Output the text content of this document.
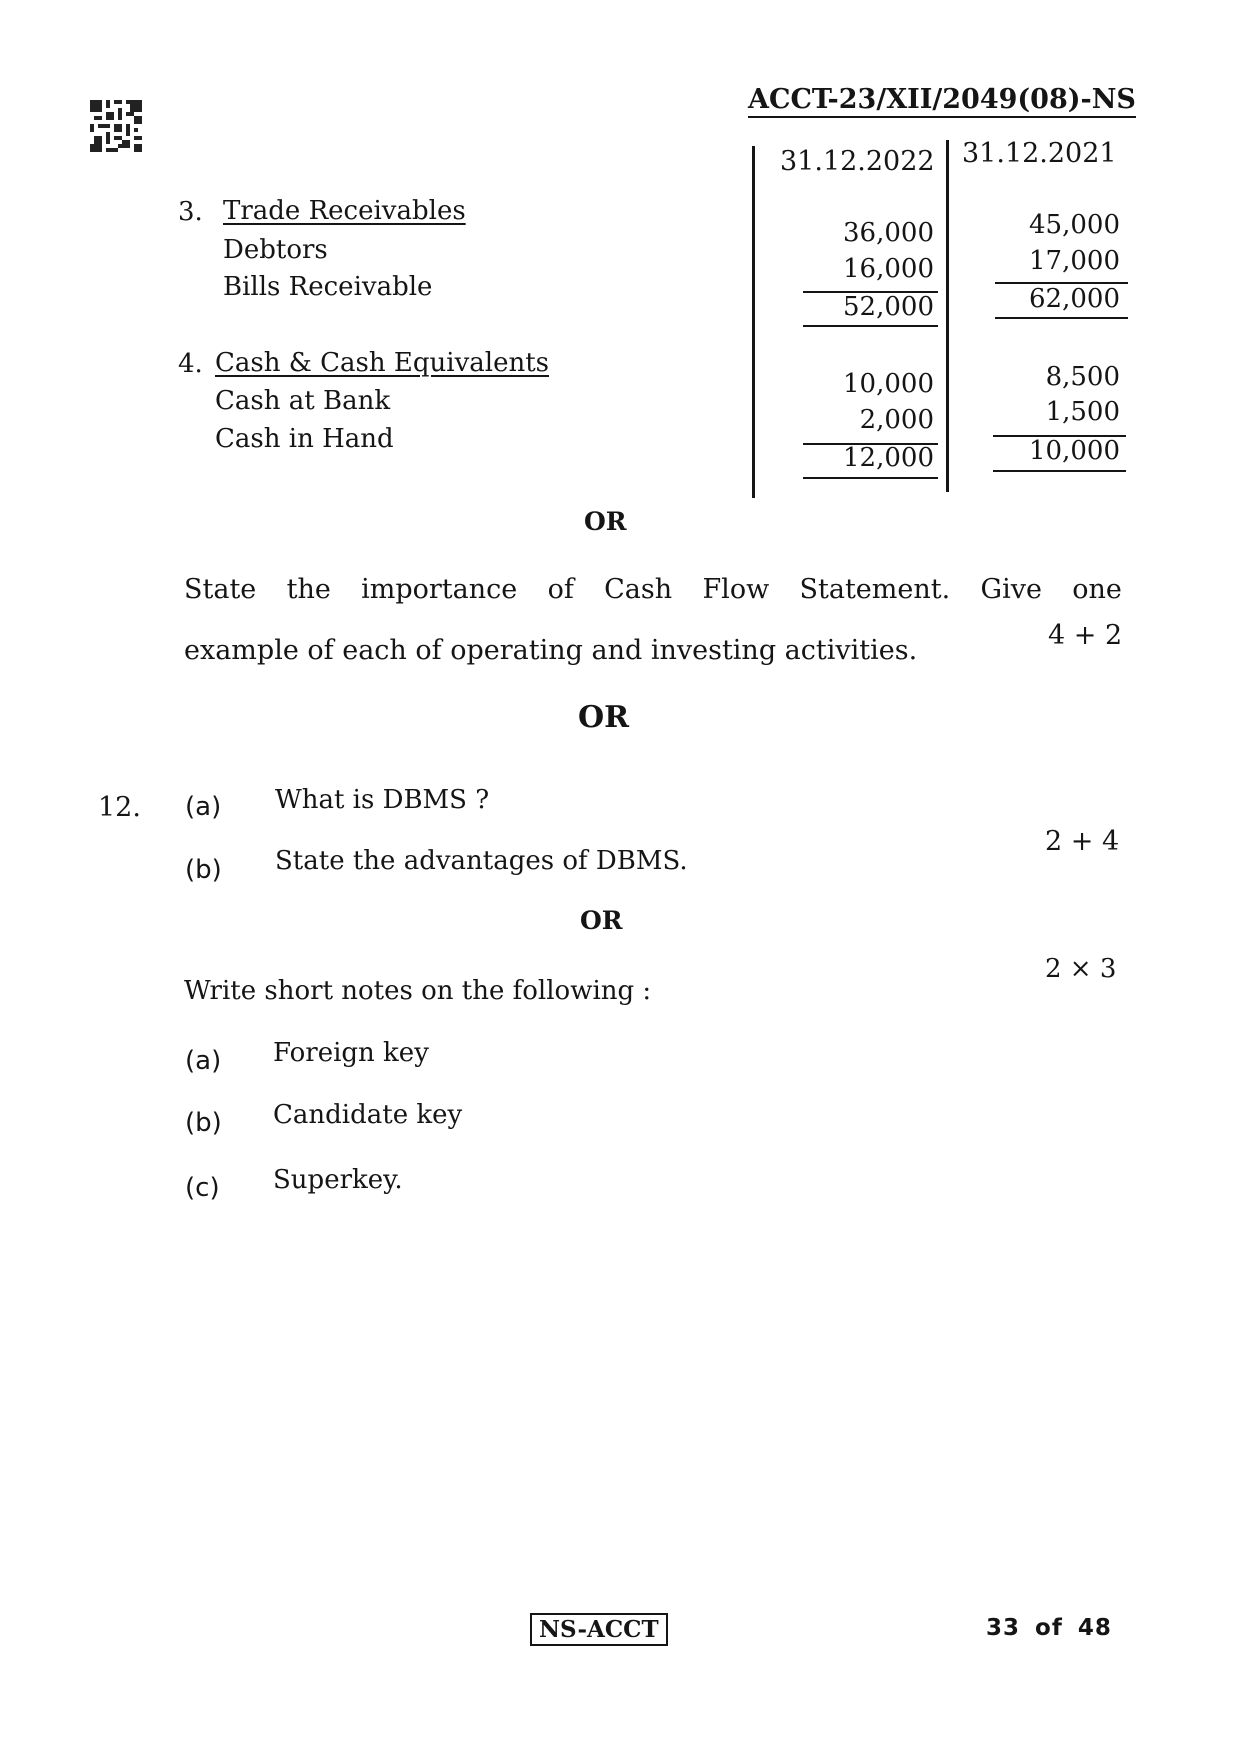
ACCT-23/XII/2049(08)-NS
31.12.2022 31.12.2021
3. Trade Receivables
Debtors
Bills Receivable
36,000
16,000
52,000
45,000
17,000
62,000
4. Cash & Cash Equivalents
Cash at Bank
Cash in Hand
10,000
2,000
12,000
8,500
1,500
10,000
OR
State the importance of Cash Flow Statement. Give one
example of each of operating and investing activities.	4 + 2
OR
12. (a) What is DBMS ?
(b) State the advantages of DBMS.
2 + 4
OR
Write short notes on the following :
2 × 3
(a) Foreign key
(b) Candidate key
(c) Superkey.
NS-ACCT	33 of 48
